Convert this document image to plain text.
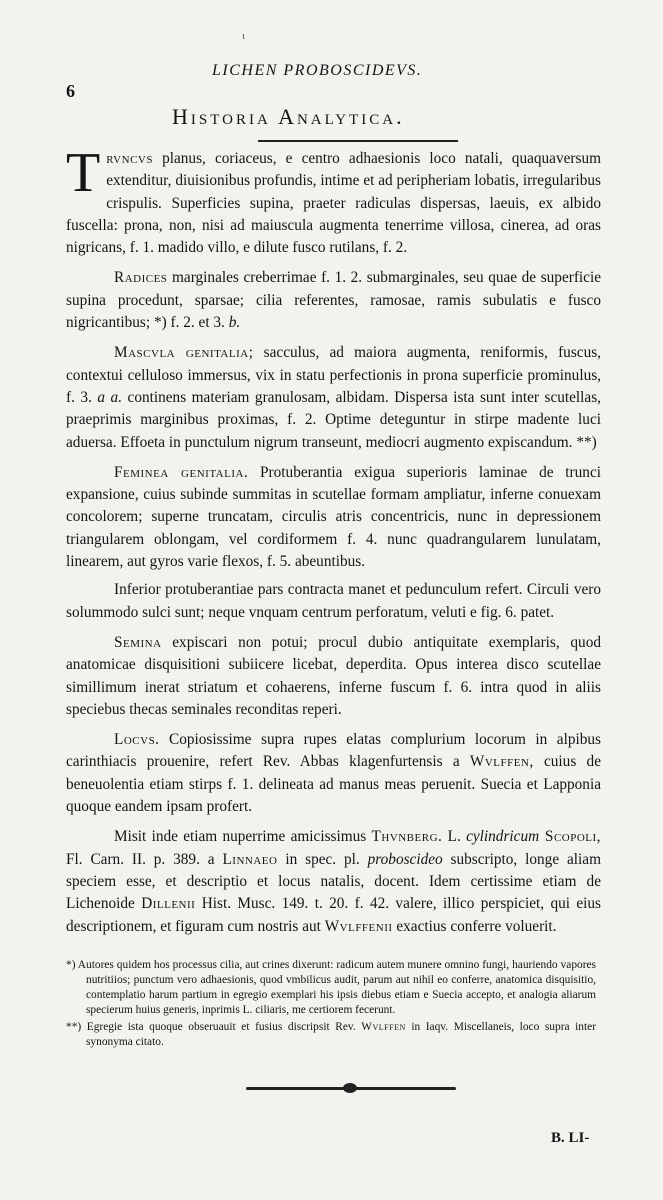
ι
6
LICHEN PROBOSCIDEVS.
Historia Analytica.

Trvncvs planus, coriaceus, e centro adhaesionis loco natali, quaquaversum extenditur, diuisionibus profundis, intime et ad peripheriam lobatis, irregularibus crispulis. Superficies supina, praeter radiculas dispersas, laeuis, ex albido fuscella: prona, non, nisi ad maiuscula augmenta tenerrime villosa, cinerea, ad oras nigricans, f. 1. madido villo, e dilute fusco rutilans, f. 2.

Radices marginales creberrimae f. 1. 2. submarginales, seu quae de superficie supina procedunt, sparsae; cilia referentes, ramosae, ramis subulatis e fusco nigricantibus; *) f. 2. et 3. b.

Mascvla genitalia; sacculus, ad maiora augmenta, reniformis, fuscus, contextui celluloso immersus, vix in statu perfectionis in prona superficie prominulus, f. 3. a a. continens materiam granulosam, albidam. Dispersa ista sunt inter scutellas, praeprimis marginibus proximas, f. 2. Optime deteguntur in stirpe madente luci aduersa. Effoeta in punctulum nigrum transeunt, mediocri augmento expiscandum. **)

Feminea genitalia. Protuberantia exigua superioris laminae de trunci expansione, cuius subinde summitas in scutellae formam ampliatur, inferne conuexam concolorem; superne truncatam, circulis atris concentricis, nunc in depressionem triangularem oblongam, vel cordiformem f. 4. nunc quadrangularem lunulatam, linearem, aut gyros varie flexos, f. 5. abeuntibus.

Inferior protuberantiae pars contracta manet et pedunculum refert. Circuli vero solummodo sulci sunt; neque vnquam centrum perforatum, veluti e fig. 6. patet.

Semina expiscari non potui; procul dubio antiquitate exemplaris, quod anatomicae disquisitioni subiicere licebat, deperdita. Opus interea disco scutellae simillimum inerat striatum et cohaerens, inferne fuscum f. 6. intra quod in aliis speciebus thecas seminales reconditas reperi.

Locvs. Copiosissime supra rupes elatas complurium locorum in alpibus carinthiacis prouenire, refert Rev. Abbas klagenfurtensis a Wvlffen, cuius de beneuolentia etiam stirps f. 1. delineata ad manus meas peruenit. Suecia et Lapponia quoque eandem ipsam profert.

Misit inde etiam nuperrime amicissimus Thvnberg. L. cylindricum Scopoli, Fl. Carn. II. p. 389. a Linnaeo in spec. pl. proboscideo subscripto, longe aliam speciem esse, et descriptio et locus natalis, docent. Idem certissime etiam de Lichenoide Dillenii Hist. Musc. 149. t. 20. f. 42. valere, illico perspiciet, qui eius descriptionem, et figuram cum nostris aut Wvlffenii exactius conferre voluerit.

*) Autores quidem hos processus cilia, aut crines dixerunt: radicum autem munere omnino fungi, hauriendo vapores nutritiios; punctum vero adhaesionis, quod vmbilicus audit, parum aut nihil eo conferre, anatomica disquisitio, contemplatio harum partium in egregio exemplari his ipsis diebus etiam e Suecia accepto, et analogia aliarum specierum huius generis, inprimis L. ciliaris, me certiorem fecerunt.

**) Egregie ista quoque obseruauit et fusius discripsit Rev. Wvlffen in Iaqv. Miscellaneis, loco supra inter synonyma citato.

B. LI-
